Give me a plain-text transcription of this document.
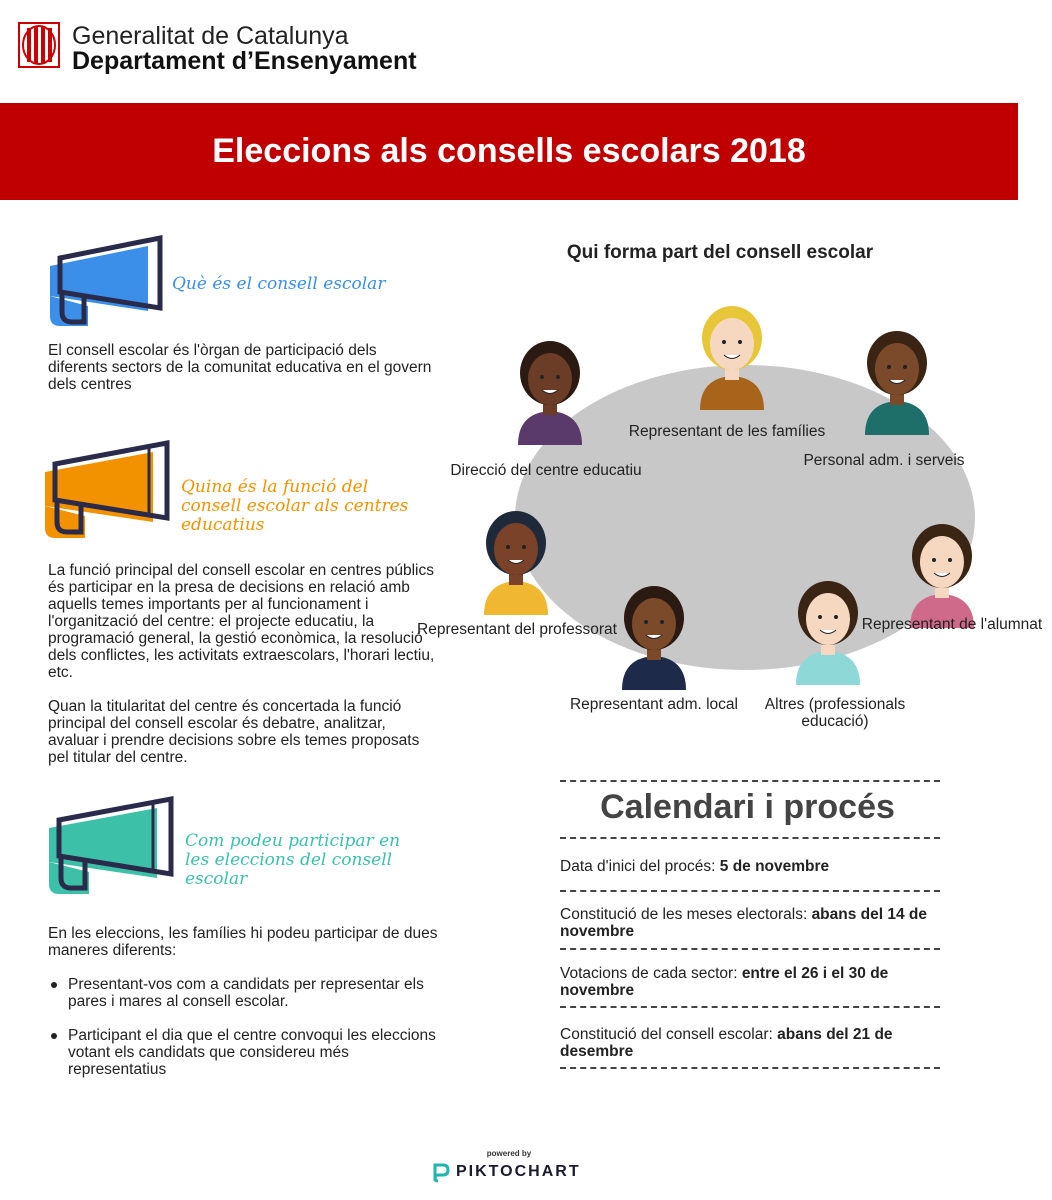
Generalitat de Catalunya
Departament d’Ensenyament
Eleccions als consells escolars 2018
Què és el consell escolar
El consell escolar és l'òrgan de participació dels diferents sectors de la comunitat educativa en el govern dels centres
Quina és la funció del consell escolar als centres educatius
La funció principal del consell escolar en centres públics és participar en la presa de decisions en relació amb aquells temes importants per al funcionament i l'organització del centre: el projecte educatiu, la programació general, la gestió econòmica, la resolució dels conflictes, les activitats extraescolars, l'horari lectiu, etc.
Quan la titularitat del centre és concertada la funció principal del consell escolar és debatre, analitzar, avaluar i prendre decisions sobre els temes proposats pel titular del centre.
Com podeu participar en les eleccions del consell escolar
En les eleccions, les famílies hi podeu participar de dues maneres diferents:
Presentant-vos com a candidats per representar els pares i mares al consell escolar.
Participant el dia que el centre convoqui les eleccions votant els candidats que considereu més representatius
Qui forma part del consell escolar
Direcció del centre educatiu
Representant de les famílies
Personal adm. i serveis
Representant del professorat
Representant adm. local	Altres (professionals educació)
Representant de l'alumnat
Calendari i procés
Data d'inici del procés: 5 de novembre
Constitució de les meses electorals: abans del 14 de novembre
Votacions de cada sector: entre el 26 i el 30 de novembre
Constitució del consell escolar: abans del 21 de desembre
powered by
PIKTOCHART
